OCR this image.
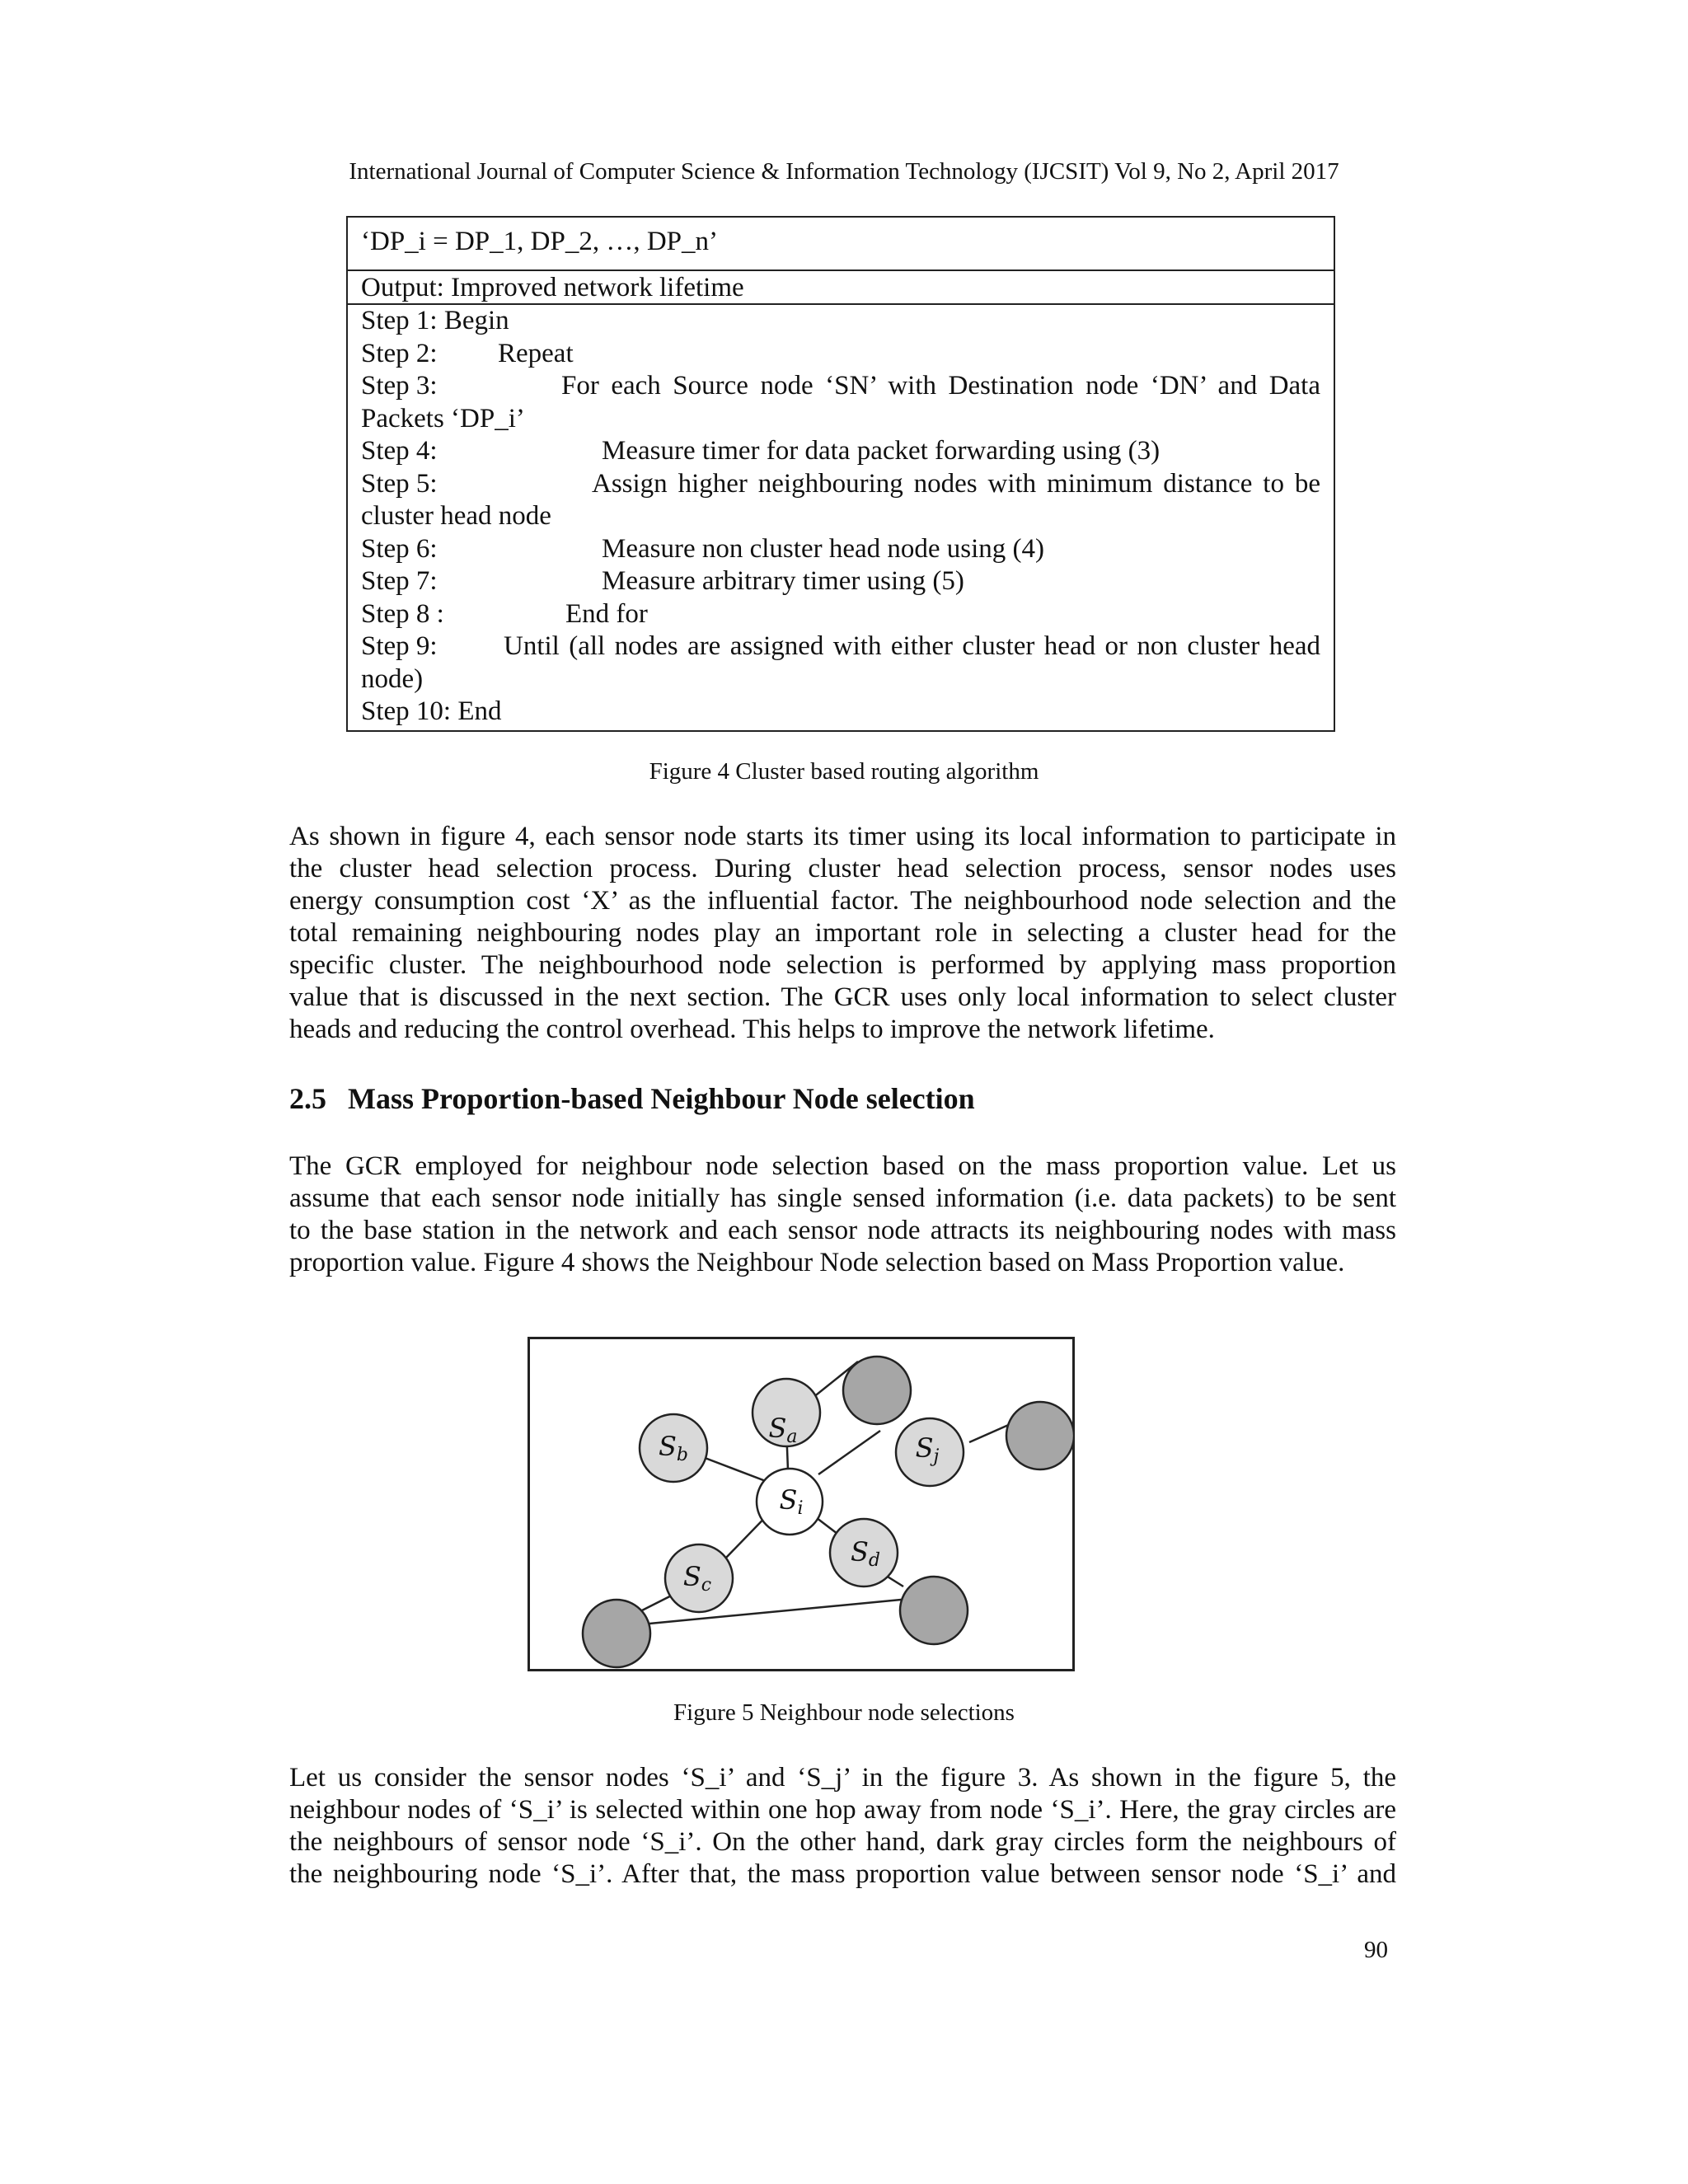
International Journal of Computer Science & Information Technology (IJCSIT) Vol 9, No 2, April 2017
‘DP_i = DP_1, DP_2, …, DP_n’
Output: Improved network lifetime
Step 1: Begin
Step 2: Repeat
Step 3:	For each Source node ‘SN’ with Destination node ‘DN’ and Data
Packets ‘DP_i’
Step 4:	Measure timer for data packet forwarding using (3)
Step 5:	Assign higher neighbouring nodes with minimum distance to be
cluster head node
Step 6:	Measure non cluster head node using (4)
Step 7:	Measure arbitrary timer using (5)
Step 8 :	End for
Step 9: Until (all nodes are assigned with either cluster head or non cluster head
node)
Step 10: End
Figure 4 Cluster based routing algorithm
As shown in figure 4, each sensor node starts its timer using its local information to participate in
the cluster head selection process. During cluster head selection process, sensor nodes uses
energy consumption cost ‘X’ as the influential factor. The neighbourhood node selection and the
total remaining neighbouring nodes play an important role in selecting a cluster head for the
specific cluster. The neighbourhood node selection is performed by applying mass proportion
value that is discussed in the next section. The GCR uses only local information to select cluster
heads and reducing the control overhead. This helps to improve the network lifetime.
2.5 Mass Proportion-based Neighbour Node selection
The GCR employed for neighbour node selection based on the mass proportion value. Let us
assume that each sensor node initially has single sensed information (i.e. data packets) to be sent
to the base station in the network and each sensor node attracts its neighbouring nodes with mass
proportion value. Figure 4 shows the Neighbour Node selection based on Mass Proportion value.
Sa
Sb	Sj
Si
Sd
Sc
Figure 5 Neighbour node selections
Let us consider the sensor nodes ‘S_i’ and ‘S_j’ in the figure 3. As shown in the figure 5, the
neighbour nodes of ‘S_i’ is selected within one hop away from node ‘S_i’. Here, the gray circles are
the neighbours of sensor node ‘S_i’. On the other hand, dark gray circles form the neighbours of
the neighbouring node ‘S_i’. After that, the mass proportion value between sensor node ‘S_i’ and
90
